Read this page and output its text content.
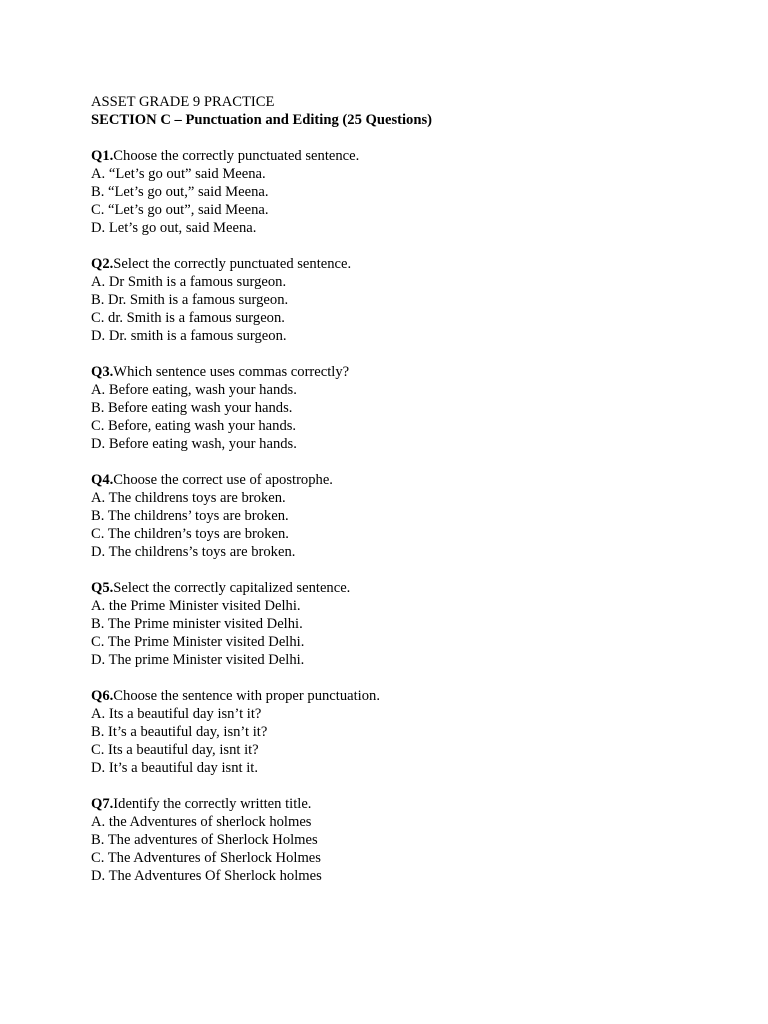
ASSET GRADE 9 PRACTICE
SECTION C – Punctuation and Editing (25 Questions)
Q1.Choose the correctly punctuated sentence.
A. “Let’s go out” said Meena.
B. “Let’s go out,” said Meena.
C. “Let’s go out”, said Meena.
D. Let’s go out, said Meena.
Q2.Select the correctly punctuated sentence.
A. Dr Smith is a famous surgeon.
B. Dr. Smith is a famous surgeon.
C. dr. Smith is a famous surgeon.
D. Dr. smith is a famous surgeon.
Q3.Which sentence uses commas correctly?
A. Before eating, wash your hands.
B. Before eating wash your hands.
C. Before, eating wash your hands.
D. Before eating wash, your hands.
Q4.Choose the correct use of apostrophe.
A. The childrens toys are broken.
B. The childrens’ toys are broken.
C. The children’s toys are broken.
D. The childrens’s toys are broken.
Q5.Select the correctly capitalized sentence.
A. the Prime Minister visited Delhi.
B. The Prime minister visited Delhi.
C. The Prime Minister visited Delhi.
D. The prime Minister visited Delhi.
Q6.Choose the sentence with proper punctuation.
A. Its a beautiful day isn’t it?
B. It’s a beautiful day, isn’t it?
C. Its a beautiful day, isnt it?
D. It’s a beautiful day isnt it.
Q7.Identify the correctly written title.
A. the Adventures of sherlock holmes
B. The adventures of Sherlock Holmes
C. The Adventures of Sherlock Holmes
D. The Adventures Of Sherlock holmes
